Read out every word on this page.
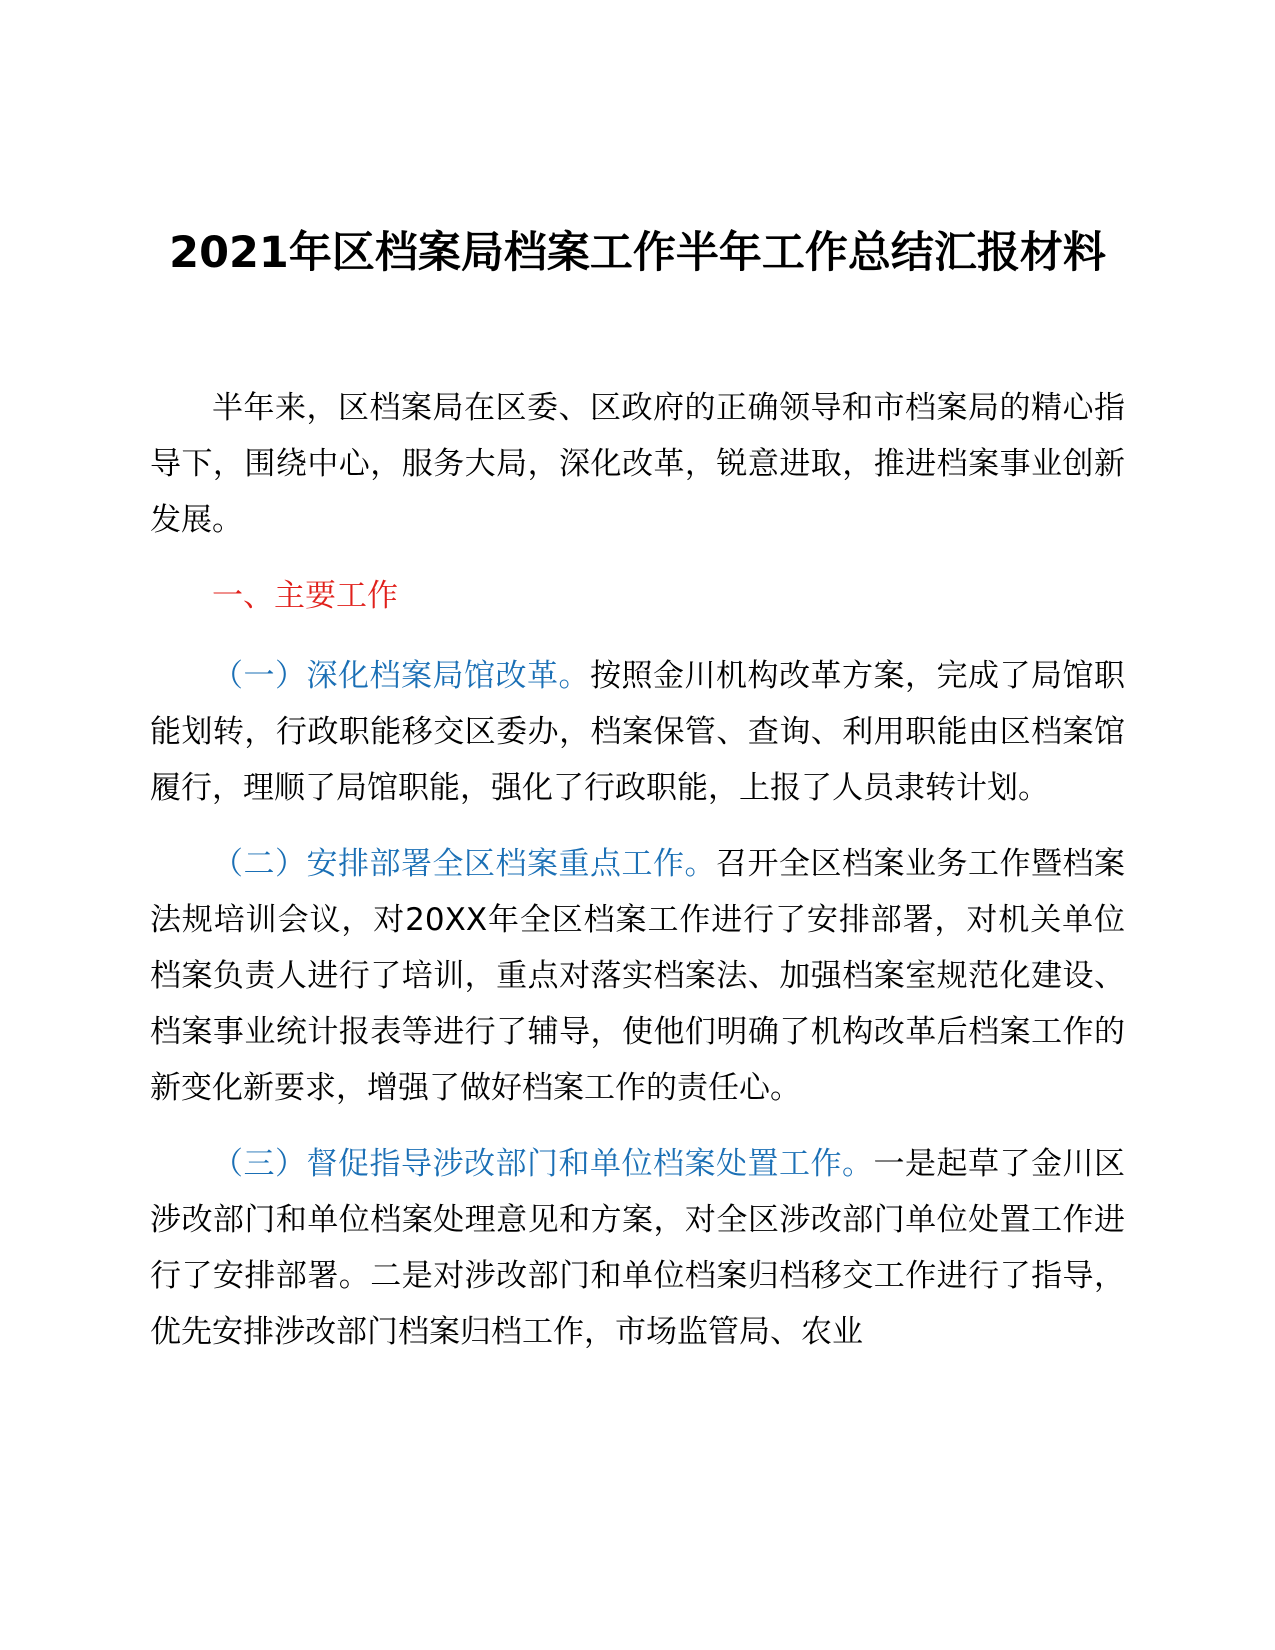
2021年区档案局档案工作半年工作总结汇报材料

半年来，区档案局在区委、区政府的正确领导和市档案局的精心指导下，围绕中心，服务大局，深化改革，锐意进取，推进档案事业创新发展。

一、主要工作

（一）深化档案局馆改革。按照金川机构改革方案，完成了局馆职能划转，行政职能移交区委办，档案保管、查询、利用职能由区档案馆履行，理顺了局馆职能，强化了行政职能，上报了人员隶转计划。

（二）安排部署全区档案重点工作。召开全区档案业务工作暨档案法规培训会议，对20XX年全区档案工作进行了安排部署，对机关单位档案负责人进行了培训，重点对落实档案法、加强档案室规范化建设、档案事业统计报表等进行了辅导，使他们明确了机构改革后档案工作的新变化新要求，增强了做好档案工作的责任心。

（三）督促指导涉改部门和单位档案处置工作。一是起草了金川区涉改部门和单位档案处理意见和方案，对全区涉改部门单位处置工作进行了安排部署。二是对涉改部门和单位档案归档移交工作进行了指导，优先安排涉改部门档案归档工作，市场监管局、农业
